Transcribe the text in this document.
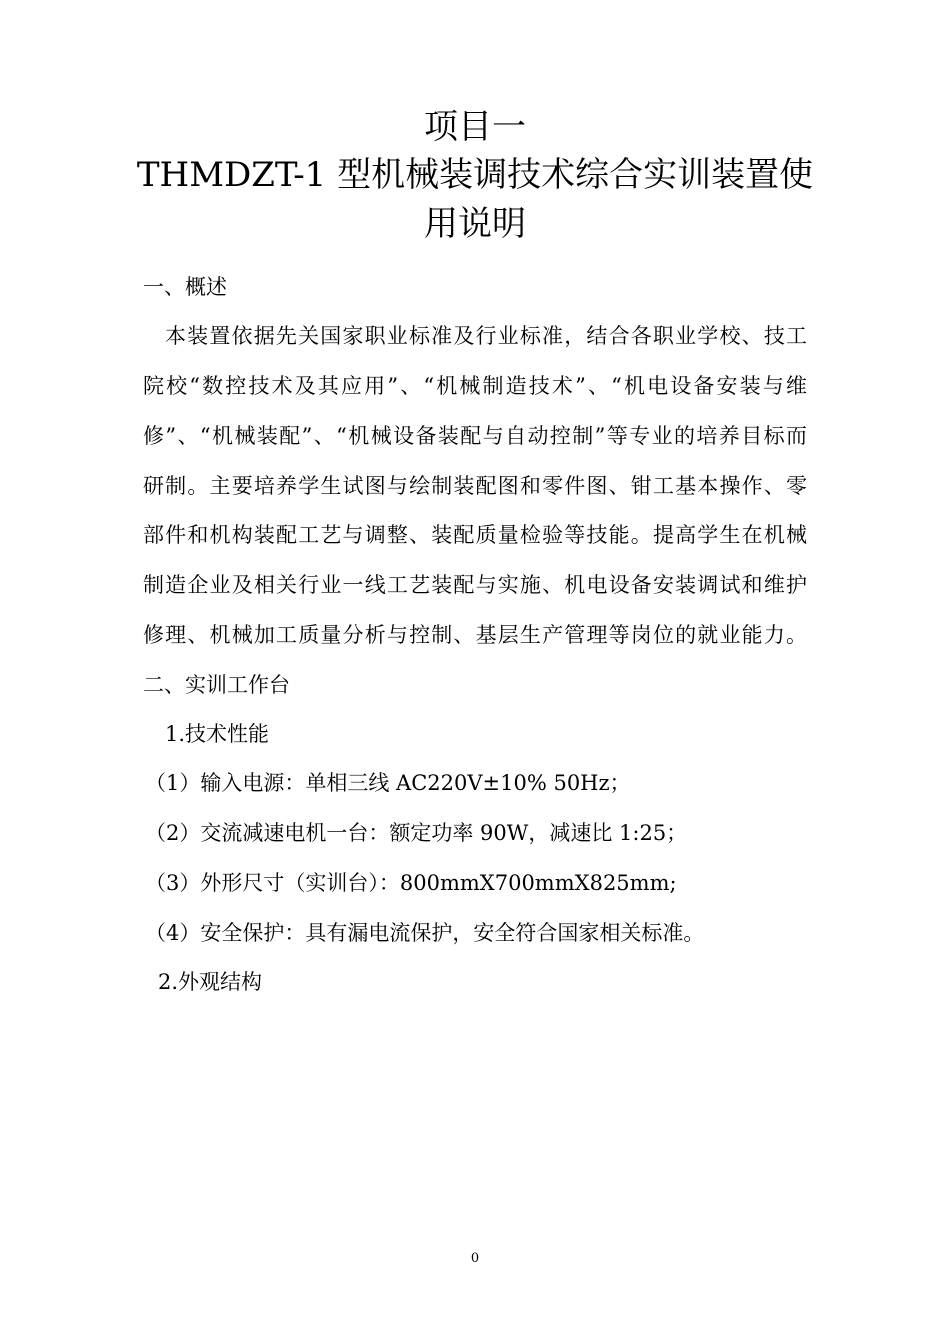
项目一
THMDZT-1 型机械装调技术综合实训装置使
用说明
一、概述
本装置依据先关国家职业标准及行业标准，结合各职业学校、技工
院校“数控技术及其应用”、“机械制造技术”、“机电设备安装与维
修”、“机械装配”、“机械设备装配与自动控制”等专业的培养目标而
研制。主要培养学生试图与绘制装配图和零件图、钳工基本操作、零
部件和机构装配工艺与调整、装配质量检验等技能。提高学生在机械
制造企业及相关行业一线工艺装配与实施、机电设备安装调试和维护
修理、机械加工质量分析与控制、基层生产管理等岗位的就业能力。
二、实训工作台
1.技术性能
（1）输入电源：单相三线 AC220V±10% 50Hz；
（2）交流减速电机一台：额定功率 90W，减速比 1:25；
（3）外形尺寸（实训台）：800mmX700mmX825mm;
（4）安全保护：具有漏电流保护，安全符合国家相关标准。
2.外观结构
0
